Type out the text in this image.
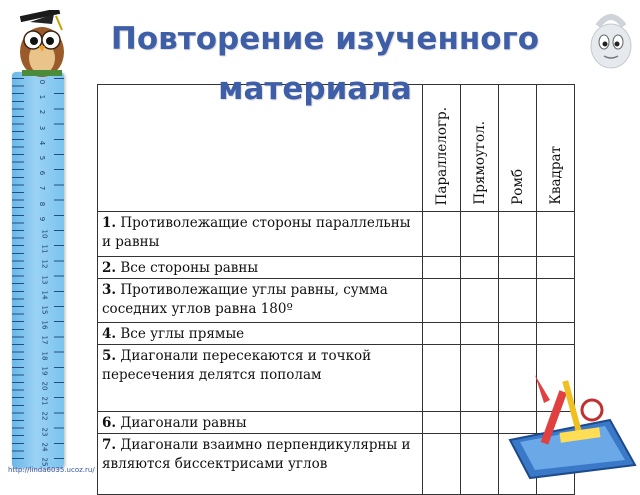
0
1
2
3
4
5
6
7
8
9
10
11
12
13
14
15
16
17
18
19
20
21
22
23
24
25
Повторение изученного
материала

	Параллелогр.	Прямоугол.	Ромб	Квадрат

1. Противолежащие стороны параллельны и равны				

2. Все стороны равны				

3. Противолежащие углы равны, сумма соседних углов равна 180º				

4. Все углы прямые				

5. Диагонали пересекаются и точкой пересечения делятся пополам				

6. Диагонали равны				

7. Диагонали взаимно перпендикулярны и являются биссектрисами углов				

http://linda6035.ucoz.ru/
